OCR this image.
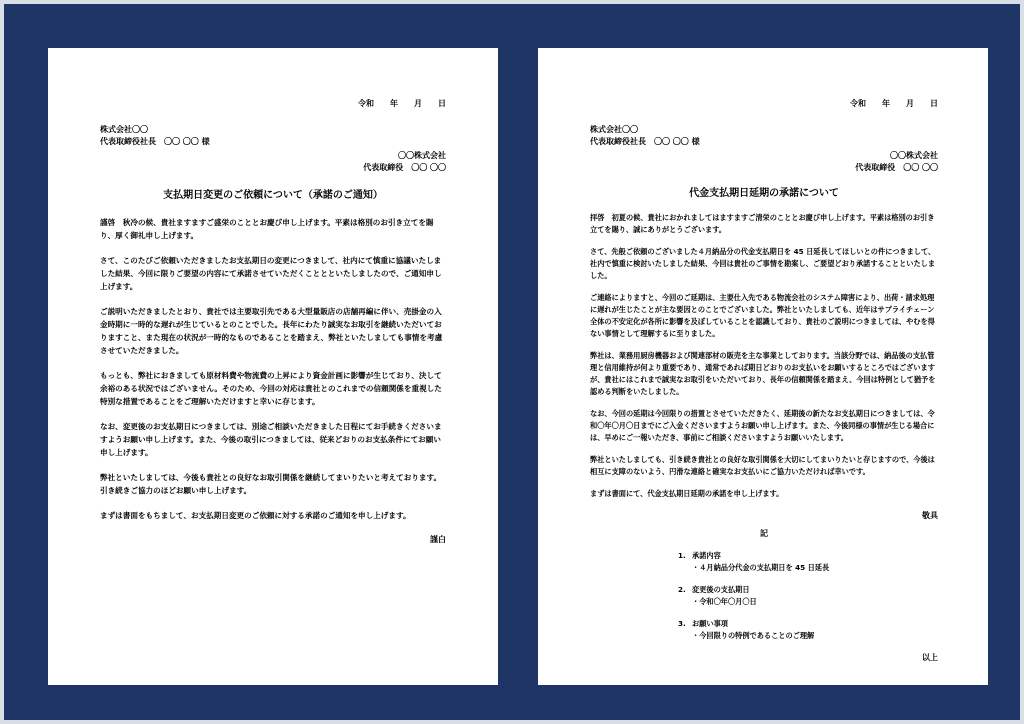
令和　　年　　月　　日
株式会社〇〇
代表取締役社長　〇〇 〇〇 様
〇〇株式会社
代表取締役　〇〇 〇〇
支払期日変更のご依頼について（承諾のご通知）

謹啓　秋冷の候、貴社ますますご盛栄のこととお慶び申し上げます。平素は格別のお引き立てを賜り、厚く御礼申し上げます。

さて、このたびご依頼いただきましたお支払期日の変更につきまして、社内にて慎重に協議いたしました結果、今回に限りご要望の内容にて承諾させていただくこととといたしましたので、ご通知申し上げます。

ご説明いただきましたとおり、貴社では主要取引先である大型量販店の店舗再編に伴い、売掛金の入金時期に一時的な遅れが生じているとのことでした。長年にわたり誠実なお取引を継続いただいておりますこと、また現在の状況が一時的なものであることを踏まえ、弊社といたしましても事情を考慮させていただきました。

もっとも、弊社におきましても原材料費や物流費の上昇により資金計画に影響が生じており、決して余裕のある状況ではございません。そのため、今回の対応は貴社とのこれまでの信頼関係を重視した特別な措置であることをご理解いただけますと幸いに存じます。

なお、変更後のお支払期日につきましては、別途ご相談いただきました日程にてお手続きくださいますようお願い申し上げます。また、今後の取引につきましては、従来どおりのお支払条件にてお願い申し上げます。

弊社といたしましては、今後も貴社との良好なお取引関係を継続してまいりたいと考えております。引き続きご協力のほどお願い申し上げます。

まずは書面をもちまして、お支払期日変更のご依頼に対する承諾のご通知を申し上げます。

謹白
令和　　年　　月　　日
株式会社〇〇
代表取締役社長　〇〇 〇〇 様
〇〇株式会社
代表取締役　〇〇 〇〇
代金支払期日延期の承諾について

拝啓　初夏の候、貴社におかれましてはますますご清栄のこととお慶び申し上げます。平素は格別のお引き立てを賜り、誠にありがとうございます。

さて、先般ご依頼のございました４月納品分の代金支払期日を 45 日延長してほしいとの件につきまして、社内で慎重に検討いたしました結果、今回は貴社のご事情を勘案し、ご要望どおり承諾することといたしました。

ご連絡によりますと、今回のご延期は、主要仕入先である物流会社のシステム障害により、出荷・請求処理に遅れが生じたことが主な要因とのことでございました。弊社といたしましても、近年はサプライチェーン全体の不安定化が各所に影響を及ぼしていることを認識しており、貴社のご説明につきましては、やむを得ない事情として理解するに至りました。

弊社は、業務用厨房機器および関連部材の販売を主な事業としております。当該分野では、納品後の支払管理と信用維持が何より重要であり、通常であれば期日どおりのお支払いをお願いするところではございますが、貴社にはこれまで誠実なお取引をいただいており、長年の信頼関係を踏まえ、今回は特例として猶予を認める判断をいたしました。

なお、今回の延期は今回限りの措置とさせていただきたく、延期後の新たなお支払期日につきましては、令和〇年〇月〇日までにご入金くださいますようお願い申し上げます。また、今後同様の事情が生じる場合には、早めにご一報いただき、事前にご相談くださいますようお願いいたします。

弊社といたしましても、引き続き貴社との良好な取引関係を大切にしてまいりたいと存じますので、今後は相互に支障のないよう、円滑な連絡と確実なお支払いにご協力いただければ幸いです。

まずは書面にて、代金支払期日延期の承諾を申し上げます。

敬具
記
1. 承諾内容
・４月納品分代金の支払期日を 45 日延長
2. 変更後の支払期日
・令和〇年〇月〇日
3. お願い事項
・今回限りの特例であることのご理解
以上
